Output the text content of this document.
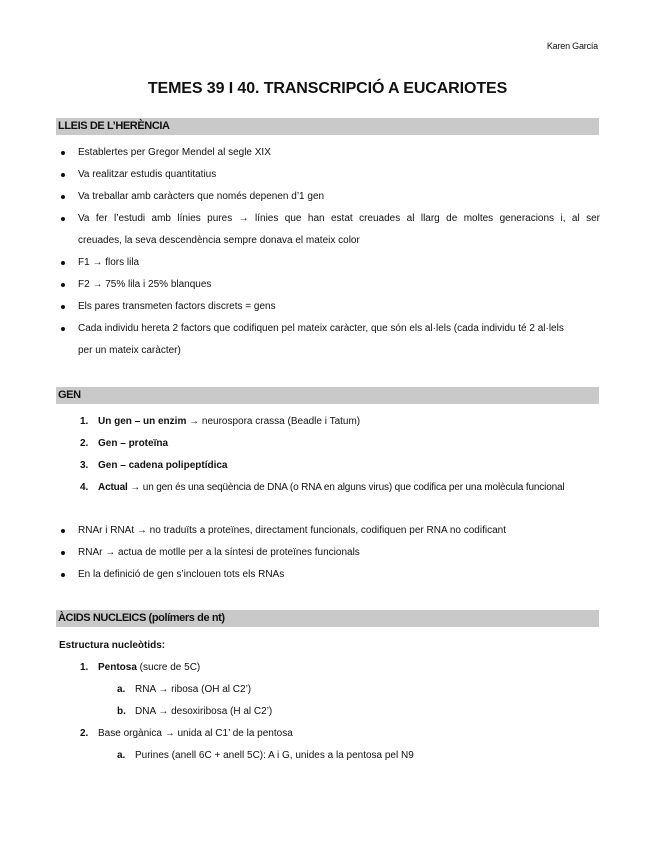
Karen García
TEMES 39 I 40. TRANSCRIPCIÓ A EUCARIOTES
LLEIS DE L’HERÈNCIA
Establertes per Gregor Mendel al segle XIX
Va realitzar estudis quantitatius
Va treballar amb caràcters que només depenen d’1 gen
Va fer l’estudi amb línies pures → línies que han estat creuades al llarg de moltes generacions i, al ser
creuades, la seva descendència sempre donava el mateix color
F1 → flors lila
F2 → 75% lila i 25% blanques
Els pares transmeten factors discrets = gens
Cada individu hereta 2 factors que codifiquen pel mateix caràcter, que són els al·lels (cada individu té 2 al·lels
per un mateix caràcter)
GEN
1. Un gen – un enzim → neurospora crassa (Beadle i Tatum)
2. Gen – proteïna
3. Gen – cadena polipeptídica
4. Actual → un gen és una seqüència de DNA (o RNA en alguns virus) que codifica per una molècula funcional
RNAr i RNAt → no traduïts a proteïnes, directament funcionals, codifiquen per RNA no codificant
RNAr → actua de motlle per a la síntesi de proteïnes funcionals
En la definició de gen s’inclouen tots els RNAs
ÀCIDS NUCLEICS (polímers de nt)
Estructura nucleòtids:
1. Pentosa (sucre de 5C)
a. RNA → ribosa (OH al C2’)
b. DNA → desoxiribosa (H al C2’)
2. Base orgànica → unida al C1’ de la pentosa
a. Purines (anell 6C + anell 5C): A i G, unides a la pentosa pel N9
